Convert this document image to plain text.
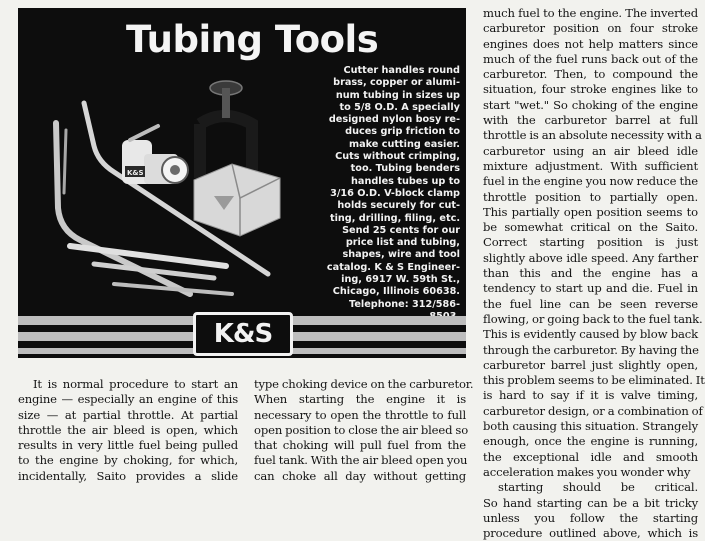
Tubing Tools
K&S

Cutter handles round
brass, copper or alumi-
num tubing in sizes up
to 5/8 O.D. A specially
designed nylon bosy re-
duces grip friction to
make cutting easier.
Cuts without crimping,
too. Tubing benders
handles tubes up to
3/16 O.D. V-block clamp
holds securely for cut-
ting, drilling, filing, etc.
Send 25 cents for our
price list and tubing,
shapes, wire and tool
catalog. K & S Engineer-
ing, 6917 W. 59th St.,
Chicago, Illinois 60638.
Telephone: 312/586-

K&S

It is normal procedure to start an
engine — especially an engine of this
size — at partial throttle. At partial
throttle the air bleed is open, which
results in very little fuel being pulled
to the engine by choking, for which,
incidentally, Saito provides a slide

type choking device on the carburetor.
When starting the engine it is
necessary to open the throttle to full
open position to close the air bleed so
that choking will pull fuel from the
fuel tank. With the air bleed open you
can choke all day without getting

much fuel to the engine. The inverted
carburetor position on four stroke
engines does not help matters since
much of the fuel runs back out of the
carburetor. Then, to compound the
situation, four stroke engines like to
start "wet." So choking of the engine
with the carburetor barrel at full
throttle is an absolute necessity with a
carburetor using an air bleed idle
mixture adjustment. With sufficient
fuel in the engine you now reduce the
throttle position to partially open.
This partially open position seems to
be somewhat critical on the Saito.
Correct starting position is just
slightly above idle speed. Any farther
than this and the engine has a
tendency to start up and die. Fuel in
the fuel line can be seen reverse
flowing, or going back to the fuel tank.
This is evidently caused by blow back
through the carburetor. By having the
carburetor barrel just slightly open,
this problem seems to be eliminated. It
is hard to say if it is valve timing,
carburetor design, or a combination of
both causing this situation. Strangely
enough, once the engine is running,
the exceptional idle and smooth
acceleration makes you wonder why
starting should be critical.
So hand starting can be a bit tricky
unless you follow the starting
procedure outlined above, which is
